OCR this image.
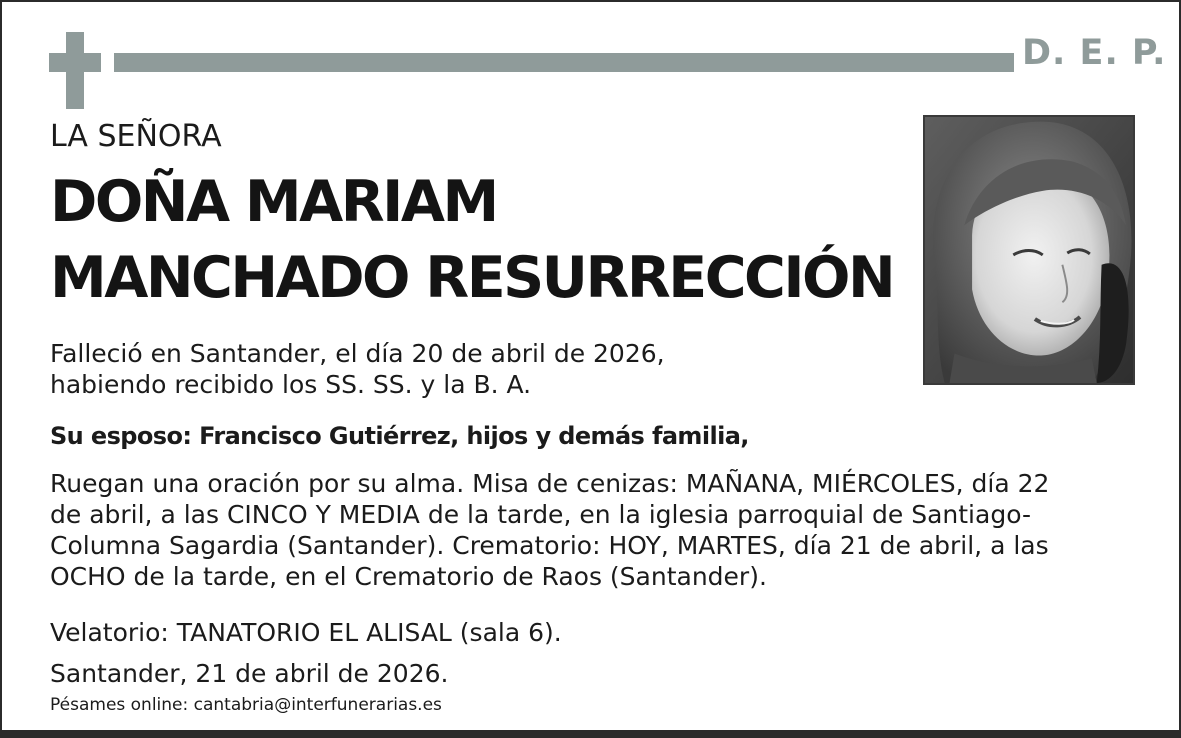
D. E. P.
LA SEÑORA
DOÑA MARIAM
MANCHADO RESURRECCIÓN
Falleció en Santander, el día 20 de abril de 2026,
habiendo recibido los SS. SS. y la B. A.
Su esposo: Francisco Gutiérrez, hijos y demás familia,
Ruegan una oración por su alma. Misa de cenizas: MAÑANA, MIÉRCOLES, día 22
de abril, a las CINCO Y MEDIA de la tarde, en la iglesia parroquial de Santiago-
Columna Sagardia (Santander). Crematorio: HOY, MARTES, día 21 de abril, a las
OCHO de la tarde, en el Crematorio de Raos (Santander).
Velatorio: TANATORIO EL ALISAL (sala 6).
Santander, 21 de abril de 2026.
Pésames online: cantabria@interfunerarias.es
